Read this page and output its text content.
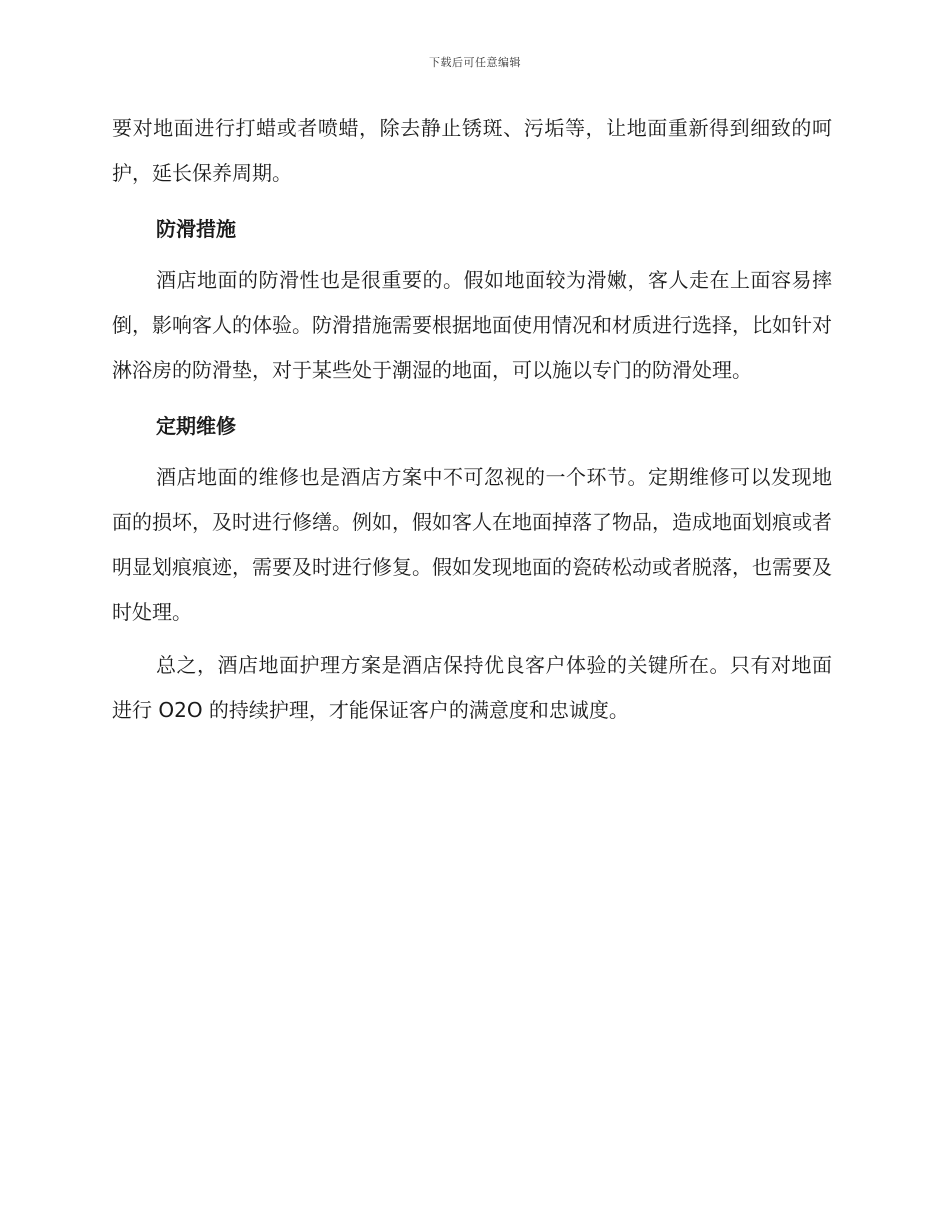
下载后可任意编辑

要对地面进行打蜡或者喷蜡，除去静止锈斑、污垢等，让地面重新得到细致的呵护，延长保养周期。

防滑措施

酒店地面的防滑性也是很重要的。假如地面较为滑嫩，客人走在上面容易摔倒，影响客人的体验。防滑措施需要根据地面使用情况和材质进行选择，比如针对淋浴房的防滑垫，对于某些处于潮湿的地面，可以施以专门的防滑处理。

定期维修

酒店地面的维修也是酒店方案中不可忽视的一个环节。定期维修可以发现地面的损坏，及时进行修缮。例如，假如客人在地面掉落了物品，造成地面划痕或者明显划痕痕迹，需要及时进行修复。假如发现地面的瓷砖松动或者脱落，也需要及时处理。

总之，酒店地面护理方案是酒店保持优良客户体验的关键所在。只有对地面进行 O2O 的持续护理，才能保证客户的满意度和忠诚度。
